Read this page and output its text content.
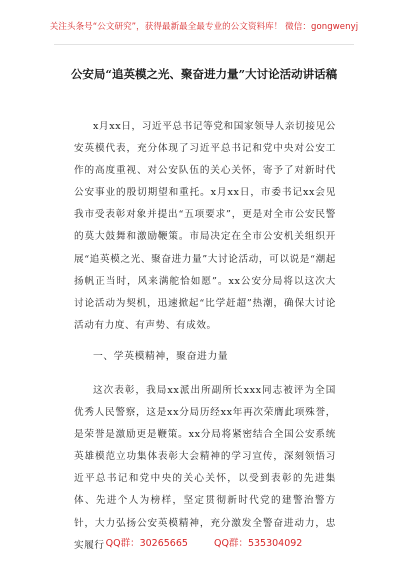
关注头条号“公文研究”，获得最新最全最专业的公文资料库！ 微信：gongwenyj
公安局“追英模之光、聚奋进力量”大讨论活动讲话稿

x月xx日，习近平总书记等党和国家领导人亲切接见公安英模代表，充分体现了习近平总书记和党中央对公安工作的高度重视、对公安队伍的关心关怀，寄予了对新时代公安事业的殷切期望和重托。x月xx日，市委书记xx会见我市受表彰对象并提出“五项要求”，更是对全市公安民警的莫大鼓舞和激励鞭策。市局决定在全市公安机关组织开展“追英模之光、聚奋进力量”大讨论活动，可以说是“潮起扬帆正当时，风来满舵恰如愿”。xx公安分局将以这次大讨论活动为契机，迅速掀起“比学赶超”热潮，确保大讨论活动有力度、有声势、有成效。

一、学英模精神，聚奋进力量

这次表彰，我局xx派出所副所长xxx同志被评为全国优秀人民警察，这是xx分局历经xx年再次荣膺此项殊誉，是荣誉是激励更是鞭策。xx分局将紧密结合全国公安系统英雄模范立功集体表彰大会精神的学习宣传，深刻领悟习近平总书记和党中央的关心关怀，以受到表彰的先进集体、先进个人为榜样，坚定贯彻新时代党的建警治警方针，大力弘扬公安英模精神，充分激发全警奋进动力，忠实履行 QQ群：30265665	QQ群：535304092
